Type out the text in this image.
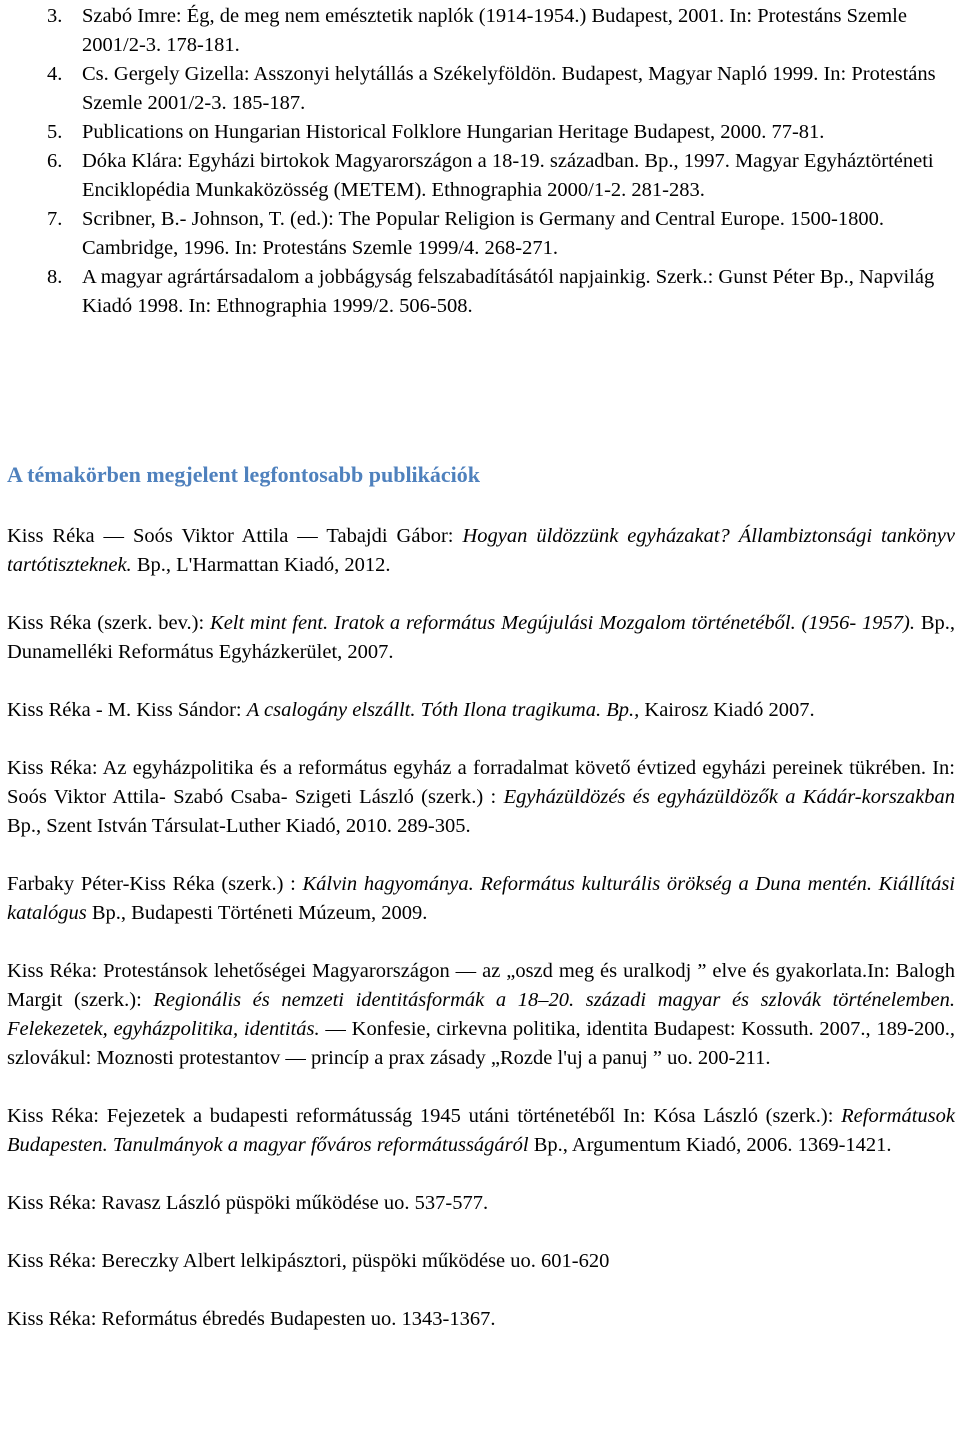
3. Szabó Imre: Ég, de meg nem emésztetik naplók (1914-1954.) Budapest, 2001. In: Protestáns Szemle 2001/2-3. 178-181.
4. Cs. Gergely Gizella: Asszonyi helytállás a Székelyföldön. Budapest, Magyar Napló 1999. In: Protestáns Szemle 2001/2-3. 185-187.
5. Publications on Hungarian Historical Folklore Hungarian Heritage Budapest, 2000. 77-81.
6. Dóka Klára: Egyházi birtokok Magyarországon a 18-19. században. Bp., 1997. Magyar Egyháztörténeti Enciklopédia Munkaközösség (METEM). Ethnographia 2000/1-2. 281-283.
7. Scribner, B.- Johnson, T. (ed.): The Popular Religion is Germany and Central Europe. 1500-1800. Cambridge, 1996. In: Protestáns Szemle 1999/4. 268-271.
8. A magyar agrártársadalom a jobbágyság felszabadításától napjainkig. Szerk.: Gunst Péter Bp., Napvilág Kiadó 1998. In: Ethnographia 1999/2. 506-508.
A témakörben megjelent legfontosabb publikációk

Kiss Réka — Soós Viktor Attila — Tabajdi Gábor: Hogyan üldözzünk egyházakat? Állambiztonsági tankönyv tartótiszteknek. Bp., L'Harmattan Kiadó, 2012.

Kiss Réka (szerk. bev.): Kelt mint fent. Iratok a református Megújulási Mozgalom történetéből. (1956- 1957). Bp., Dunamelléki Református Egyházkerület, 2007.

Kiss Réka - M. Kiss Sándor: A csalogány elszállt. Tóth Ilona tragikuma. Bp., Kairosz Kiadó 2007.

Kiss Réka: Az egyházpolitika és a református egyház a forradalmat követő évtized egyházi pereinek tükrében. In: Soós Viktor Attila- Szabó Csaba- Szigeti László (szerk.) : Egyházüldözés és egyházüldözők a Kádár-korszakban Bp., Szent István Társulat-Luther Kiadó, 2010. 289-305.

Farbaky Péter-Kiss Réka (szerk.) : Kálvin hagyománya. Református kulturális örökség a Duna mentén. Kiállítási katalógus Bp., Budapesti Történeti Múzeum, 2009.

Kiss Réka: Protestánsok lehetőségei Magyarországon — az „oszd meg és uralkodj ” elve és gyakorlata.In: Balogh Margit (szerk.): Regionális és nemzeti identitásformák a 18–20. századi magyar és szlovák történelemben. Felekezetek, egyházpolitika, identitás. — Konfesie, cirkevna politika, identita Budapest: Kossuth. 2007., 189-200., szlovákul: Moznosti protestantov — princíp a prax zásady „Rozde l'uj a panuj ” uo. 200-211.

Kiss Réka: Fejezetek a budapesti reformátusság 1945 utáni történetéből In: Kósa László (szerk.): Reformátusok Budapesten. Tanulmányok a magyar főváros reformátusságáról Bp., Argumentum Kiadó, 2006. 1369-1421.

Kiss Réka: Ravasz László püspöki működése uo. 537-577.

Kiss Réka: Bereczky Albert lelkipásztori, püspöki működése uo. 601-620

Kiss Réka: Református ébredés Budapesten uo. 1343-1367.
